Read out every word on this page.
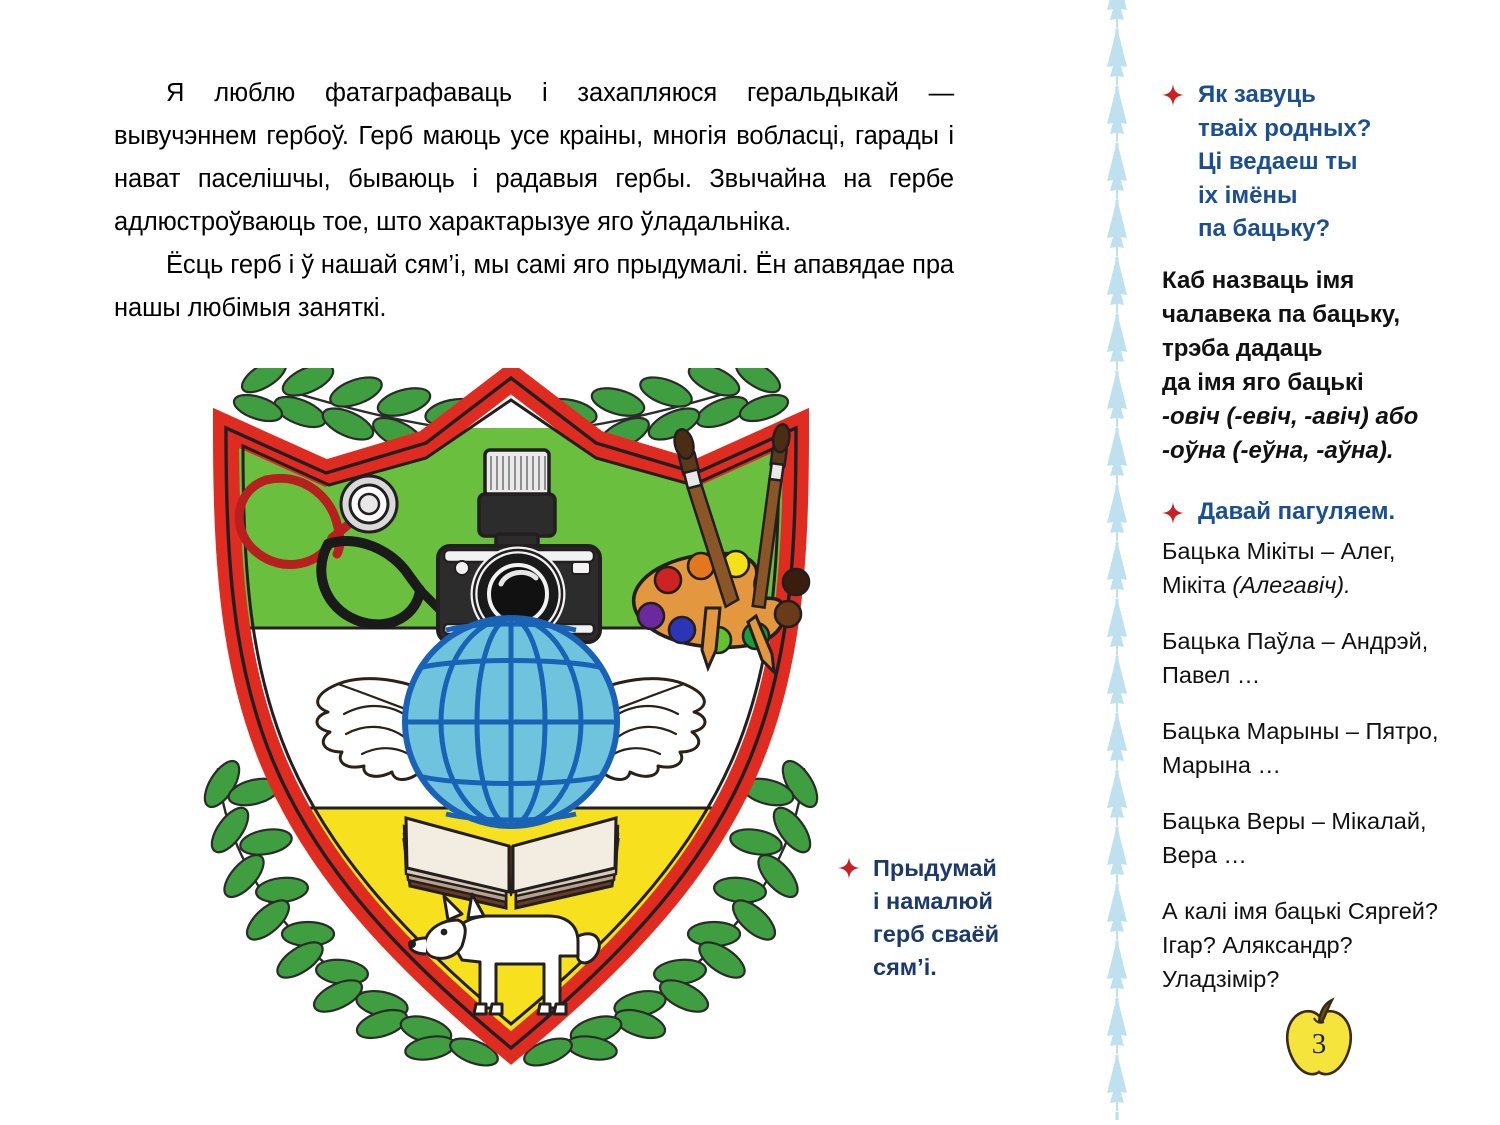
Я люблю фатаграфаваць і захапляюся геральдыкай — вывучэннем гербоў. Герб маюць усе краіны, многія вобласці, гарады і нават паселішчы, бываюць і радавыя гербы. Звычайна на гербе адлюстроўваюць тое, што характарызуе яго ўладальніка.

Ёсць герб і ў нашай сям’і, мы самі яго прыдумалі. Ён апавядае пра нашы любімыя заняткі.

Прыдумай
і намалюй
герб сваёй
сям’і.
Як завуць
тваіх родных?
Ці ведаеш ты
іх імёны
па бацьку?
Каб назваць імя
чалавека па бацьку,
трэба дадаць
да імя яго бацькі
-овіч (-евіч, -авіч) або
-оўна (-еўна, -аўна).
Давай пагуляем.
Бацька Мікіты – Алег,
Мікіта (Алегавіч).
Бацька Паўла – Андрэй,
Павел …
Бацька Марыны – Пятро,
Марына …
Бацька Веры – Мікалай,
Вера …
А калі імя бацькі Сяргей?
Ігар? Аляксандр?
Уладзімір?
3
